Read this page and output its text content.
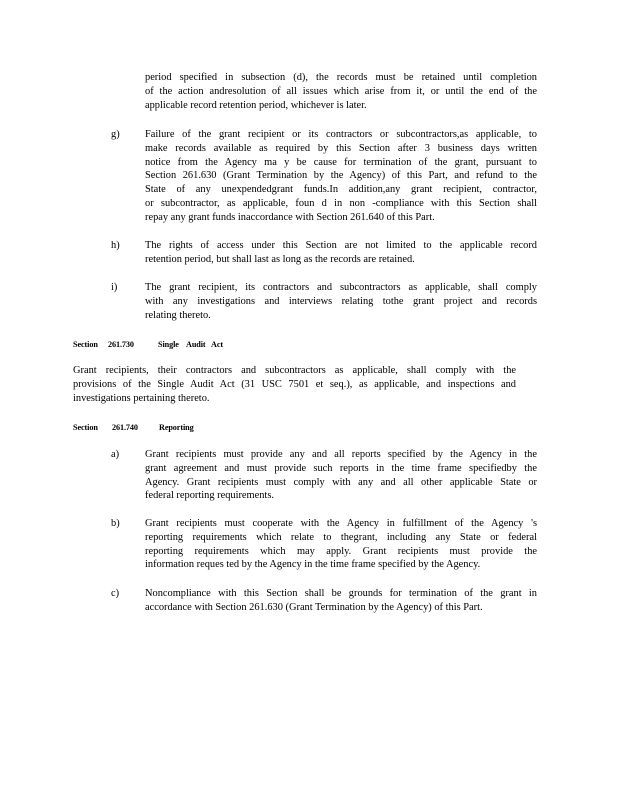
period specified in subsection (d), the records must be retained until completion
of the action andresolution of all issues which arise from it, or until the end of the
applicable record retention period, whichever is later.
g) Failure of the grant recipient or its contractors or subcontractors,as applicable, to
make records available as required by this Section after 3 business days written
notice from the Agency ma y be cause for termination of the grant, pursuant to
Section 261.630 (Grant Termination by the Agency) of this Part, and refund to the
State of any unexpendedgrant funds.In addition,any grant recipient, contractor,
or subcontractor, as applicable, foun d in non -compliance with this Section shall
repay any grant funds inaccordance with Section 261.640 of this Part.
h) The rights of access under this Section are not limited to the applicable record
retention period, but shall last as long as the records are retained.
i)	The grant recipient, its contractors and subcontractors as applicable, shall comply
with any investigations and interviews relating tothe grant project and records
relating thereto.
Section 261.730	Single Audit Act
Grant recipients, their contractors and subcontractors as applicable, shall comply with the
provisions of the Single Audit Act (31 USC 7501 et seq.), as applicable, and inspections and
investigations pertaining thereto.
Section 261.740	Reporting
a) Grant recipients must provide any and all reports specified by the Agency in the
grant agreement and must provide such reports in the time frame specifiedby the
Agency. Grant recipients must comply with any and all other applicable State or
federal reporting requirements.
b) Grant recipients must cooperate with the Agency in fulfillment of the Agency 's
reporting requirements which relate to thegrant, including any State or federal
reporting requirements which may apply. Grant recipients must provide the
information reques ted by the Agency in the time frame specified by the Agency.
c) Noncompliance with this Section shall be grounds for termination of the grant in
accordance with Section 261.630 (Grant Termination by the Agency) of this Part.
